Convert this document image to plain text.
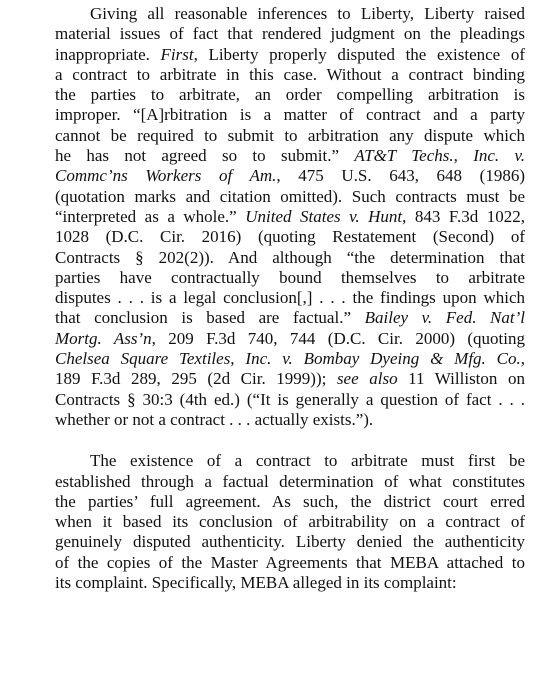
Giving all reasonable inferences to Liberty, Liberty raised
material issues of fact that rendered judgment on the pleadings
inappropriate. First, Liberty properly disputed the existence of
a contract to arbitrate in this case. Without a contract binding
the parties to arbitrate, an order compelling arbitration is
improper. “[A]rbitration is a matter of contract and a party
cannot be required to submit to arbitration any dispute which
he has not agreed so to submit.” AT&T Techs., Inc. v.
Commc’ns Workers of Am., 475 U.S. 643, 648 (1986)
(quotation marks and citation omitted). Such contracts must be
“interpreted as a whole.” United States v. Hunt, 843 F.3d 1022,
1028 (D.C. Cir. 2016) (quoting Restatement (Second) of
Contracts § 202(2)). And although “the determination that
parties have contractually bound themselves to arbitrate
disputes . . . is a legal conclusion[,] . . . the findings upon which
that conclusion is based are factual.” Bailey v. Fed. Nat’l
Mortg. Ass’n, 209 F.3d 740, 744 (D.C. Cir. 2000) (quoting
Chelsea Square Textiles, Inc. v. Bombay Dyeing & Mfg. Co.,
189 F.3d 289, 295 (2d Cir. 1999)); see also 11 Williston on
Contracts § 30:3 (4th ed.) (“It is generally a question of fact . . .
whether or not a contract . . . actually exists.”).

The existence of a contract to arbitrate must first be
established through a factual determination of what constitutes
the parties’ full agreement. As such, the district court erred
when it based its conclusion of arbitrability on a contract of
genuinely disputed authenticity. Liberty denied the authenticity
of the copies of the Master Agreements that MEBA attached to
its complaint. Specifically, MEBA alleged in its complaint:
